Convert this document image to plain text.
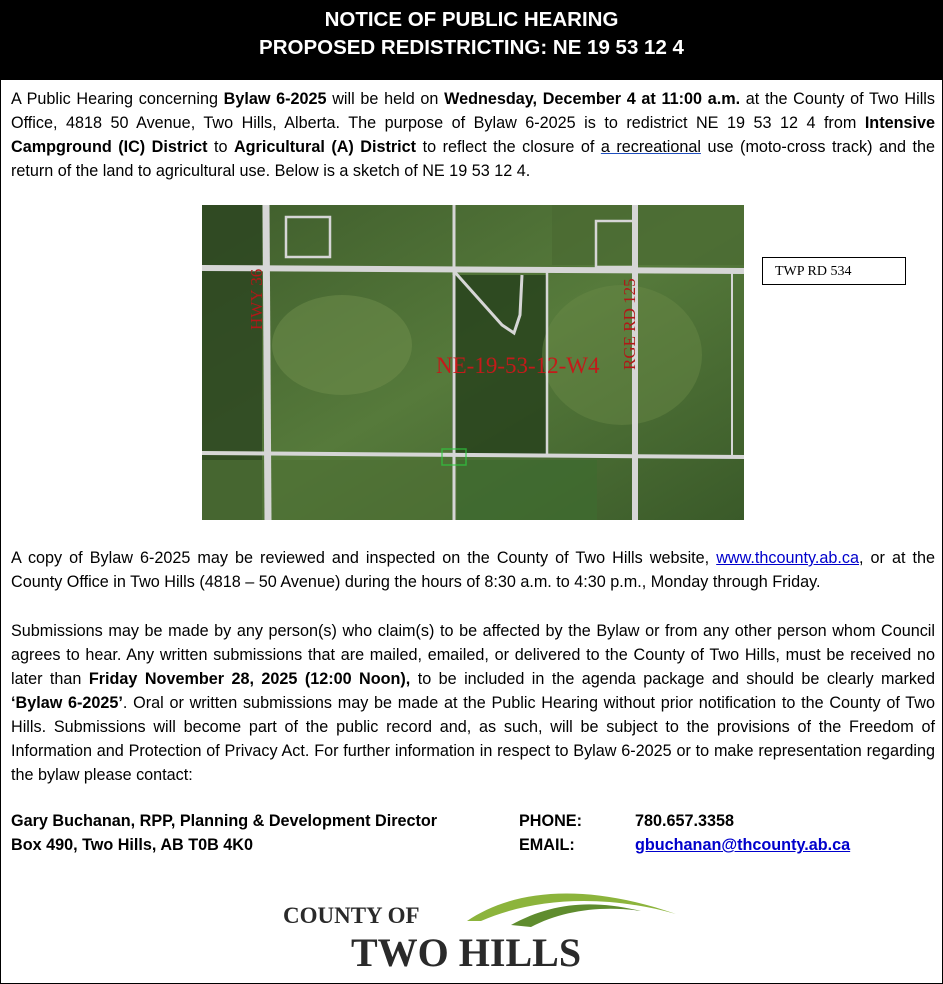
NOTICE OF PUBLIC HEARING
PROPOSED REDISTRICTING: NE 19 53 12 4
A Public Hearing concerning Bylaw 6-2025 will be held on Wednesday, December 4 at 11:00 a.m. at the County of Two Hills Office, 4818 50 Avenue, Two Hills, Alberta. The purpose of Bylaw 6-2025 is to redistrict NE 19 53 12 4 from Intensive Campground (IC) District to Agricultural (A) District to reflect the closure of a recreational use (moto-cross track) and the return of the land to agricultural use. Below is a sketch of NE 19 53 12 4.
HWY 36	RGE RD 125
NE-19-53-12-W4
TWP RD 534
A copy of Bylaw 6-2025 may be reviewed and inspected on the County of Two Hills website, www.thcounty.ab.ca, or at the County Office in Two Hills (4818 – 50 Avenue) during the hours of 8:30 a.m. to 4:30 p.m., Monday through Friday.
Submissions may be made by any person(s) who claim(s) to be affected by the Bylaw or from any other person whom Council agrees to hear. Any written submissions that are mailed, emailed, or delivered to the County of Two Hills, must be received no later than Friday November 28, 2025 (12:00 Noon), to be included in the agenda package and should be clearly marked ‘Bylaw 6-2025’. Oral or written submissions may be made at the Public Hearing without prior notification to the County of Two Hills. Submissions will become part of the public record and, as such, will be subject to the provisions of the Freedom of Information and Protection of Privacy Act. For further information in respect to Bylaw 6-2025 or to make representation regarding the bylaw please contact:
Gary Buchanan, RPP, Planning & Development Director
Box 490, Two Hills, AB T0B 4K0
PHONE:	780.657.3358
EMAIL:	gbuchanan@thcounty.ab.ca
COUNTY OF
TWO HILLS
